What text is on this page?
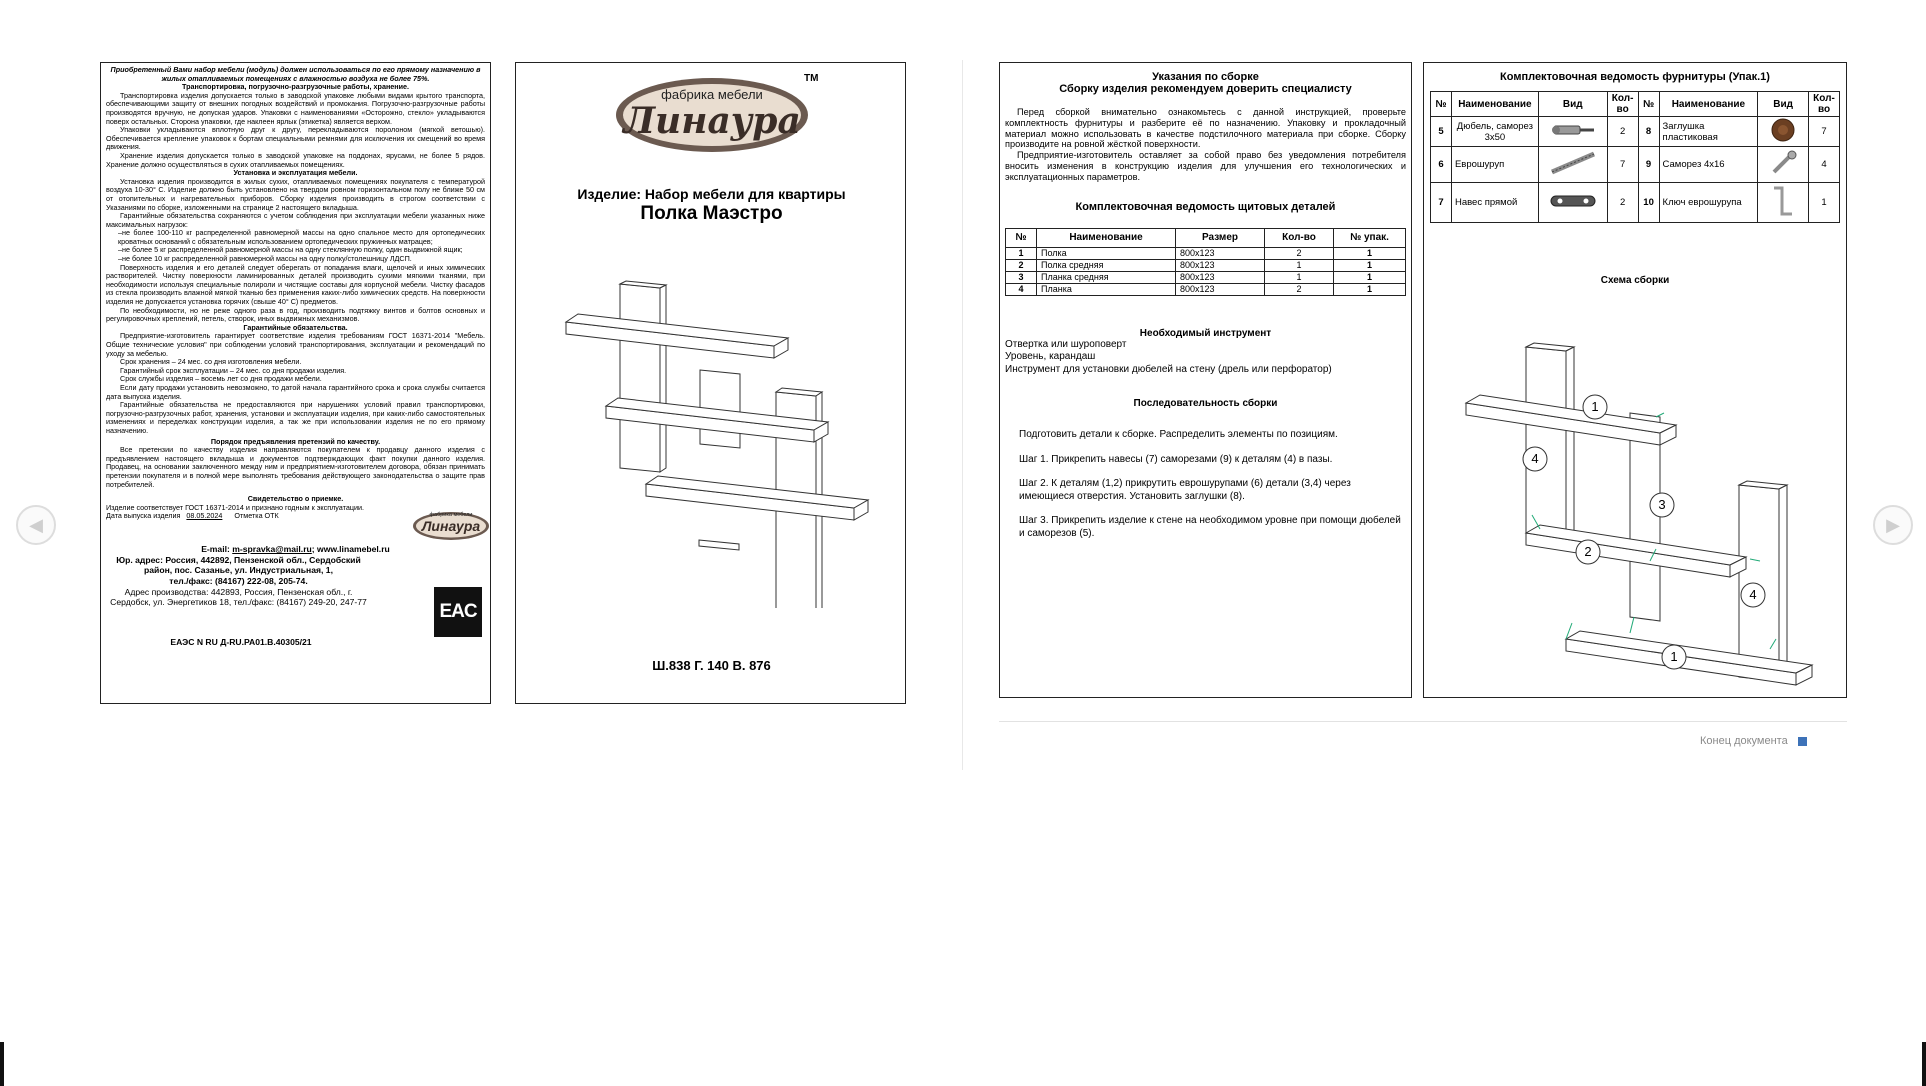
◀	▶

Приобретенный Вами набор мебели (модуль) должен использоваться по его прямому назначению в жилых отапливаемых помещениях с влажностью воздуха не более 75%.

Транспортировка, погрузочно-разгрузочные работы, хранение.

Транспортировка изделия допускается только в заводской упаковке любыми видами крытого транспорта, обеспечивающими защиту от внешних погодных воздействий и промокания. Погрузочно-разгрузочные работы производятся вручную, не допуская ударов. Упаковки с наименованиями «Осторожно, стекло» укладываются поверх остальных. Сторона упаковки, где наклеен ярлык (этикетка) является верхом.

Упаковки укладываются вплотную друг к другу, перекладываются поролоном (мягкой ветошью). Обеспечивается крепление упаковок к бортам специальными ремнями для исключения их смещений во время движения.

Хранение изделия допускается только в заводской упаковке на поддонах, ярусами, не более 5 рядов. Хранение должно осуществляться в сухих отапливаемых помещениях.

Установка и эксплуатация мебели.

Установка изделия производится в жилых сухих, отапливаемых помещениях покупателя с температурой воздуха 10-30° С. Изделие должно быть установлено на твердом ровном горизонтальном полу не ближе 50 см от отопительных и нагревательных приборов. Сборку изделия производить в строгом соответствии с Указаниями по сборке, изложенными на странице 2 настоящего вкладыша.

Гарантийные обязательства сохраняются с учетом соблюдения при эксплуатации мебели указанных ниже максимальных нагрузок:

–не более 100-110 кг распределенной равномерной массы на одно спальное место для ортопедических кроватных оснований с обязательным использованием ортопедических пружинных матрацев;

–не более 5 кг распределенной равномерной массы на одну стеклянную полку, один выдвижной ящик;

–не более 10 кг распределенной равномерной массы на одну полку/столешницу ЛДСП.

Поверхность изделия и его деталей следует оберегать от попадания влаги, щелочей и иных химических растворителей. Чистку поверхности ламинированных деталей производить сухими мягкими тканями, при необходимости используя специальные полироли и чистящие составы для корпусной мебели. Чистку фасадов из стекла производить влажной мягкой тканью без применения каких-либо химических средств. На поверхности изделия не допускается установка горячих (свыше 40° С) предметов.

По необходимости, но не реже одного раза в год, производить подтяжку винтов и болтов основных и регулировочных креплений, петель, створок, иных выдвижных механизмов.

Гарантийные обязательства.

Предприятие-изготовитель гарантирует соответствие изделия требованиям ГОСТ 16371-2014 "Мебель. Общие технические условия" при соблюдении условий транспортирования, эксплуатации и рекомендаций по уходу за мебелью.

Срок хранения – 24 мес. со дня изготовления мебели.

Гарантийный срок эксплуатации – 24 мес. со дня продажи изделия.

Срок службы изделия – восемь лет со дня продажи мебели.

Если дату продажи установить невозможно, то датой начала гарантийного срока и срока службы считается дата выпуска изделия.

Гарантийные обязательства не предоставляются при нарушениях условий правил транспортировки, погрузочно-разгрузочных работ, хранения, установки и эксплуатации изделия, при каких-либо самостоятельных изменениях и переделках конструкции изделия, а так же при использовании изделия не по его прямому назначению.

Порядок предъявления претензий по качеству.

Все претензии по качеству изделия направляются покупателем к продавцу данного изделия с предъявлением настоящего вкладыша и документов подтверждающих факт покупки данного изделия. Продавец, на основании заключенного между ним и предприятием-изготовителем договора, обязан принимать претензии покупателя и в полной мере выполнять требования действующего законодательства о защите прав потребителей.

Свидетельство о приемке.

Изделие соответствует ГОСТ 16371-2014 и признано годным к эксплуатации.

Дата выпуска изделия 08.05.2024 Отметка ОТК	фабрика мебели
Линаура
E-mail: m-spravka@mail.ru; www.linamebel.ru
Юр. адрес: Россия, 442892, Пензенской обл., Сердобский район, пос. Сазанье, ул. Индустриальная, 1,
тел./факс: (84167) 222-08, 205-74.
Адрес производства: 442893, Россия, Пензенская обл., г. Сердобск, ул. Энергетиков 18, тел./факс: (84167) 249-20, 247-77	EAC
ЕАЭС N RU Д-RU.РА01.В.40305/21
фабрика мебели
Линаура
TM
Изделие: Набор мебели для квартиры
Полка Маэстро
Ш.838 Г. 140 В. 876
Указания по сборке
Сборку изделия рекомендуем доверить специалисту
Перед сборкой внимательно ознакомьтесь с данной инструкцией, проверьте комплектность фурнитуры и разберите её по назначению. Упаковку и прокладочный материал можно использовать в качестве подстилочного материала при сборке. Сборку производите на ровной жёсткой поверхности.
Предприятие-изготовитель оставляет за собой право без уведомления потребителя вносить изменения в конструкцию изделия для улучшения его технологических и эксплуатационных параметров.
Комплектовочная ведомость щитовых деталей
№	Наименование	Размер	Кол-во	№ упак.
1	Полка	800х123	2	1
2	Полка средняя	800х123	1	1
3	Планка средняя	800х123	1	1
4	Планка	800х123	2	1
Необходимый инструмент
Отвертка или шуроповерт
Уровень, карандаш
Инструмент для установки дюбелей на стену (дрель или перфоратор)
Последовательность сборки
Подготовить детали к сборке. Распределить элементы по позициям.
Шаг 1. Прикрепить навесы (7) саморезами (9) к деталям (4) в пазы.
Шаг 2. К деталям (1,2) прикрутить еврошурупами (6) детали (3,4) через имеющиеся отверстия. Установить заглушки (8).
Шаг 3. Прикрепить изделие к стене на необходимом уровне при помощи дюбелей и саморезов (5).
Комплектовочная ведомость фурнитуры (Упак.1)
№	Наименование	Вид	Кол-во	№	Наименование	Вид	Кол-во
5	Дюбель, саморез 3х50		2	8	Заглушка пластиковая		7
6	Еврошуруп		7	9	Саморез 4х16		4
7	Навес прямой		2	10	Ключ еврошурупа		1
Схема сборки
1
4
3
2
4
1
Конец документа
